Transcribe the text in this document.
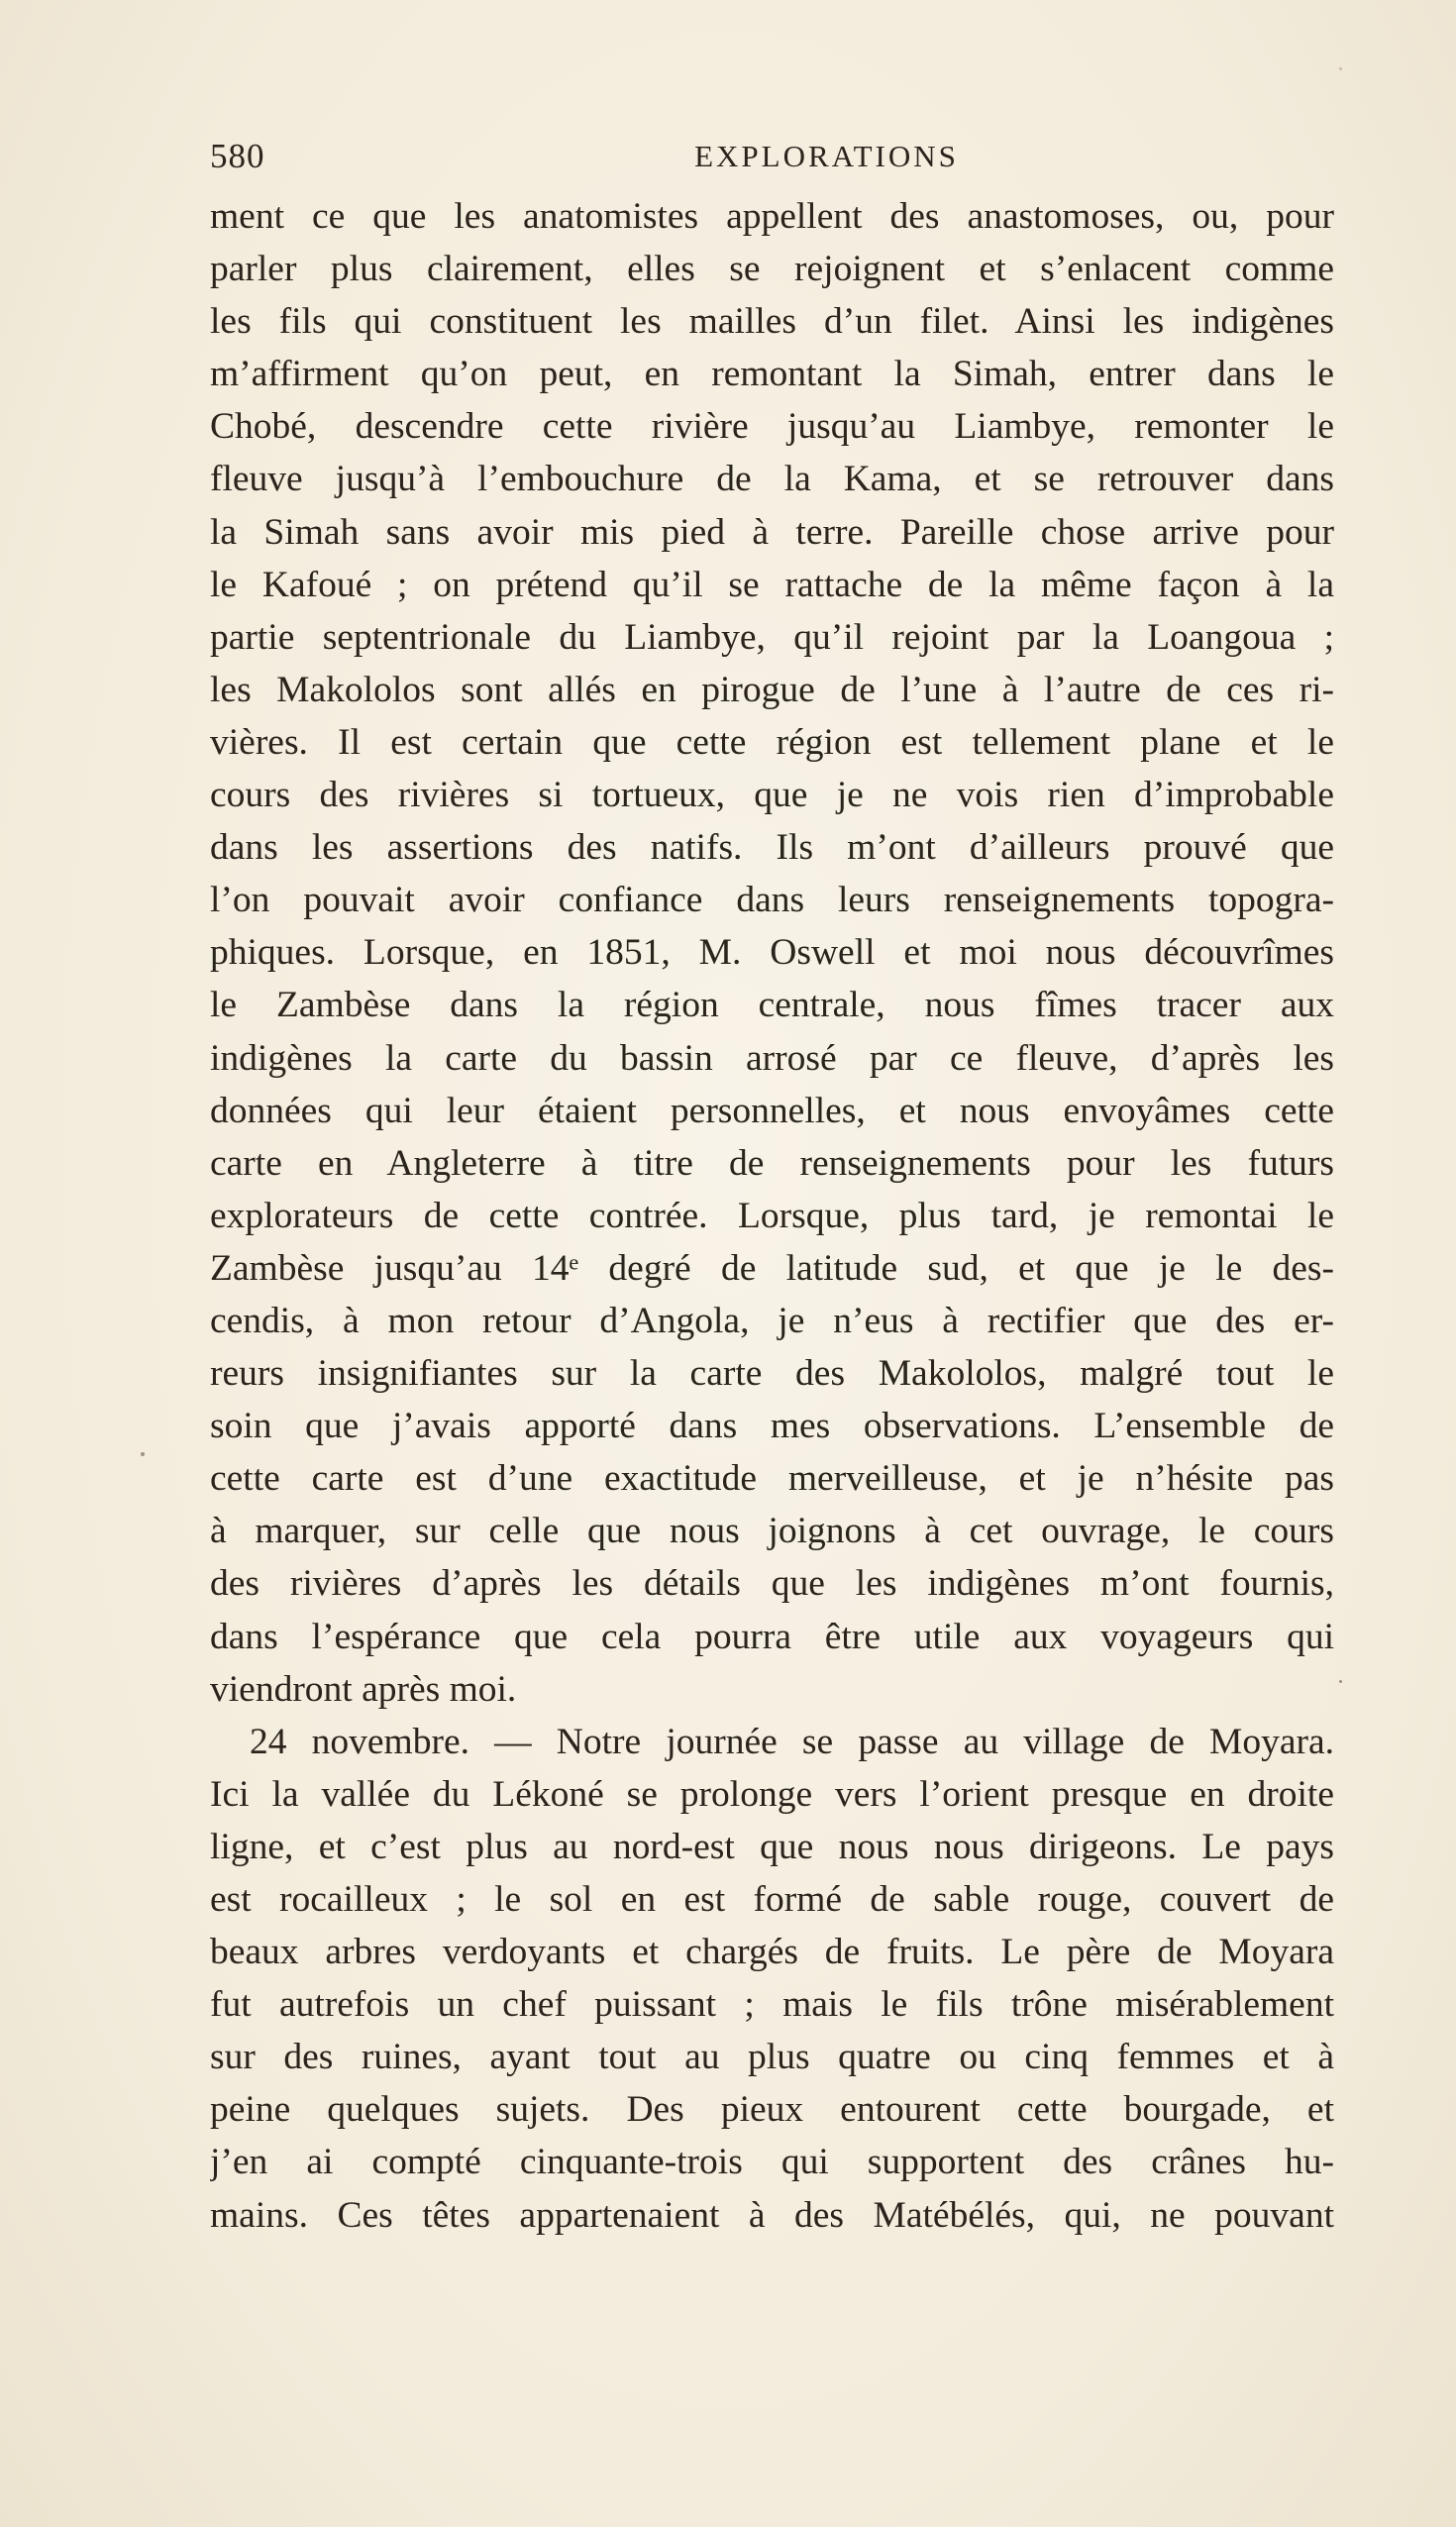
580	EXPLORATIONS
ment ce que les anatomistes appellent des anastomoses, ou, pour
parler plus clairement, elles se rejoignent et s’enlacent comme
les fils qui constituent les mailles d’un filet. Ainsi les indigènes
m’affirment qu’on peut, en remontant la Simah, entrer dans le
Chobé, descendre cette rivière jusqu’au Liambye, remonter le
fleuve jusqu’à l’embouchure de la Kama, et se retrouver dans
la Simah sans avoir mis pied à terre. Pareille chose arrive pour
le Kafoué ; on prétend qu’il se rattache de la même façon à la
partie septentrionale du Liambye, qu’il rejoint par la Loangoua ;
les Makololos sont allés en pirogue de l’une à l’autre de ces ri-
vières. Il est certain que cette région est tellement plane et le
cours des rivières si tortueux, que je ne vois rien d’improbable
dans les assertions des natifs. Ils m’ont d’ailleurs prouvé que
l’on pouvait avoir confiance dans leurs renseignements topogra-
phiques. Lorsque, en 1851, M. Oswell et moi nous découvrîmes
le Zambèse dans la région centrale, nous fîmes tracer aux
indigènes la carte du bassin arrosé par ce fleuve, d’après les
données qui leur étaient personnelles, et nous envoyâmes cette
carte en Angleterre à titre de renseignements pour les futurs
explorateurs de cette contrée. Lorsque, plus tard, je remontai le
Zambèse jusqu’au 14ᵉ degré de latitude sud, et que je le des-
cendis, à mon retour d’Angola, je n’eus à rectifier que des er-
reurs insignifiantes sur la carte des Makololos, malgré tout le
soin que j’avais apporté dans mes observations. L’ensemble de
cette carte est d’une exactitude merveilleuse, et je n’hésite pas
à marquer, sur celle que nous joignons à cet ouvrage, le cours
des rivières d’après les détails que les indigènes m’ont fournis,
dans l’espérance que cela pourra être utile aux voyageurs qui
viendront après moi.
24 novembre. — Notre journée se passe au village de Moyara.
Ici la vallée du Lékoné se prolonge vers l’orient presque en droite
ligne, et c’est plus au nord-est que nous nous dirigeons. Le pays
est rocailleux ; le sol en est formé de sable rouge, couvert de
beaux arbres verdoyants et chargés de fruits. Le père de Moyara
fut autrefois un chef puissant ; mais le fils trône misérablement
sur des ruines, ayant tout au plus quatre ou cinq femmes et à
peine quelques sujets. Des pieux entourent cette bourgade, et
j’en ai compté cinquante-trois qui supportent des crânes hu-
mains. Ces têtes appartenaient à des Matébélés, qui, ne pouvant
